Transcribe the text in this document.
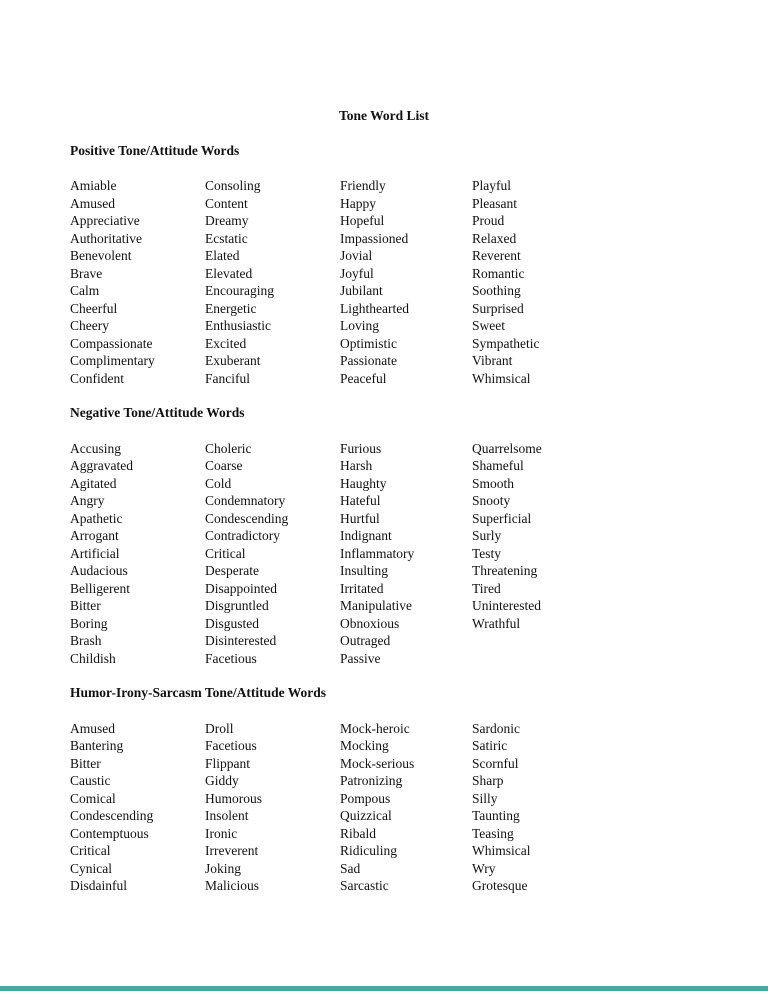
Tone Word List
Positive Tone/Attitude Words
Amiable
Amused
Appreciative
Authoritative
Benevolent
Brave
Calm
Cheerful
Cheery
Compassionate
Complimentary
Confident
Consoling
Content
Dreamy
Ecstatic
Elated
Elevated
Encouraging
Energetic
Enthusiastic
Excited
Exuberant
Fanciful
Friendly
Happy
Hopeful
Impassioned
Jovial
Joyful
Jubilant
Lighthearted
Loving
Optimistic
Passionate
Peaceful
Playful
Pleasant
Proud
Relaxed
Reverent
Romantic
Soothing
Surprised
Sweet
Sympathetic
Vibrant
Whimsical
Negative Tone/Attitude Words
Accusing
Aggravated
Agitated
Angry
Apathetic
Arrogant
Artificial
Audacious
Belligerent
Bitter
Boring
Brash
Childish
Choleric
Coarse
Cold
Condemnatory
Condescending
Contradictory
Critical
Desperate
Disappointed
Disgruntled
Disgusted
Disinterested
Facetious
Furious
Harsh
Haughty
Hateful
Hurtful
Indignant
Inflammatory
Insulting
Irritated
Manipulative
Obnoxious
Outraged
Passive
Quarrelsome
Shameful
Smooth
Snooty
Superficial
Surly
Testy
Threatening
Tired
Uninterested
Wrathful
Humor-Irony-Sarcasm Tone/Attitude Words
Amused
Bantering
Bitter
Caustic
Comical
Condescending
Contemptuous
Critical
Cynical
Disdainful
Droll
Facetious
Flippant
Giddy
Humorous
Insolent
Ironic
Irreverent
Joking
Malicious
Mock-heroic
Mocking
Mock-serious
Patronizing
Pompous
Quizzical
Ribald
Ridiculing
Sad
Sarcastic
Sardonic
Satiric
Scornful
Sharp
Silly
Taunting
Teasing
Whimsical
Wry
Grotesque
